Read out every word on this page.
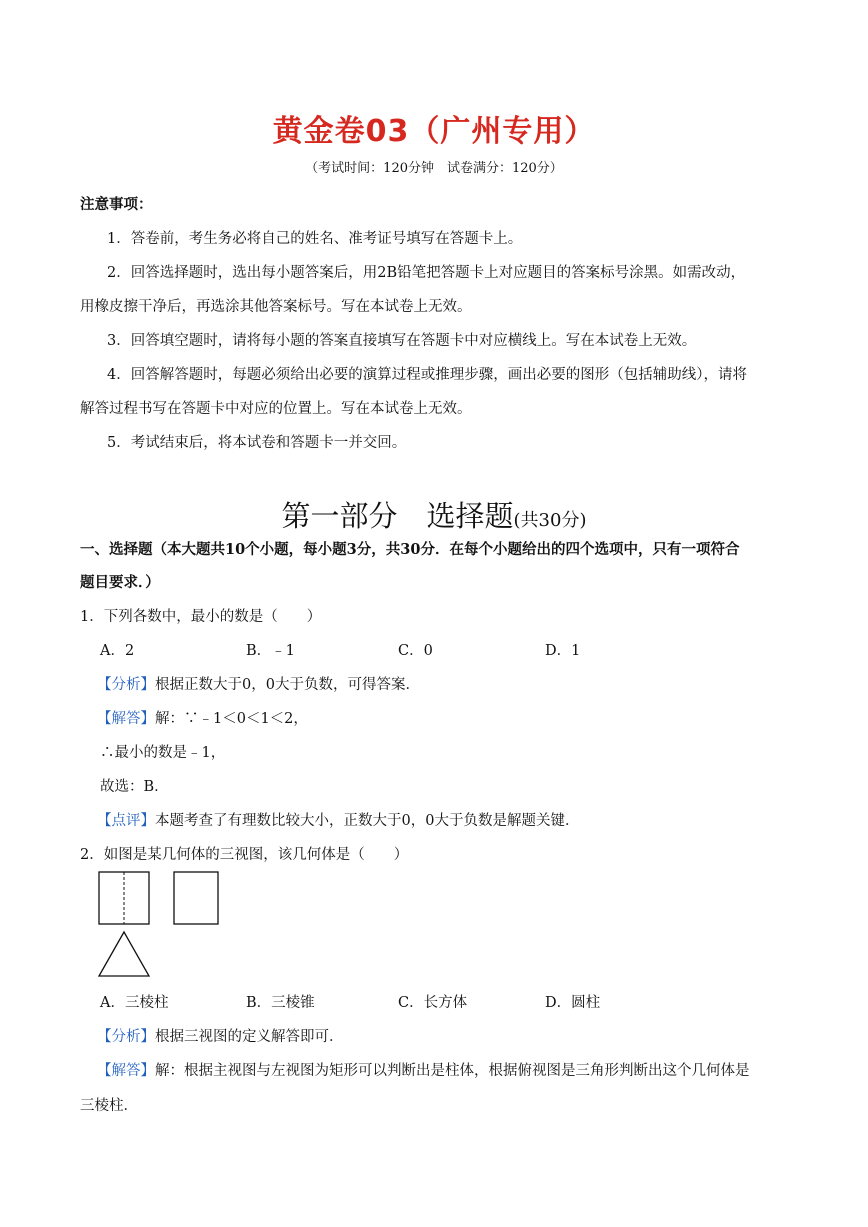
黄金卷03（广州专用）
（考试时间：120分钟　试卷满分：120分）
注意事项：
1．答卷前，考生务必将自己的姓名、准考证号填写在答题卡上。
2．回答选择题时，选出每小题答案后，用2B铅笔把答题卡上对应题目的答案标号涂黑。如需改动，
用橡皮擦干净后，再选涂其他答案标号。写在本试卷上无效。
3．回答填空题时，请将每小题的答案直接填写在答题卡中对应横线上。写在本试卷上无效。
4．回答解答题时，每题必须给出必要的演算过程或推理步骤，画出必要的图形（包括辅助线），请将
解答过程书写在答题卡中对应的位置上。写在本试卷上无效。
5．考试结束后，将本试卷和答题卡一并交回。
第一部分　选择题(共30分)
一、选择题（本大题共10个小题，每小题3分，共30分．在每个小题给出的四个选项中，只有一项符合
题目要求．）
1．下列各数中，最小的数是（　　）
A．2	B．﹣1	C．0	D．1
【分析】根据正数大于0，0大于负数，可得答案．
【解答】解：∵﹣1＜0＜1＜2，
∴最小的数是﹣1，
故选：B．
【点评】本题考查了有理数比较大小，正数大于0，0大于负数是解题关键．
2．如图是某几何体的三视图，该几何体是（　　）
A．三棱柱	B．三棱锥	C．长方体	D．圆柱
【分析】根据三视图的定义解答即可．
【解答】解：根据主视图与左视图为矩形可以判断出是柱体，根据俯视图是三角形判断出这个几何体是
三棱柱．
